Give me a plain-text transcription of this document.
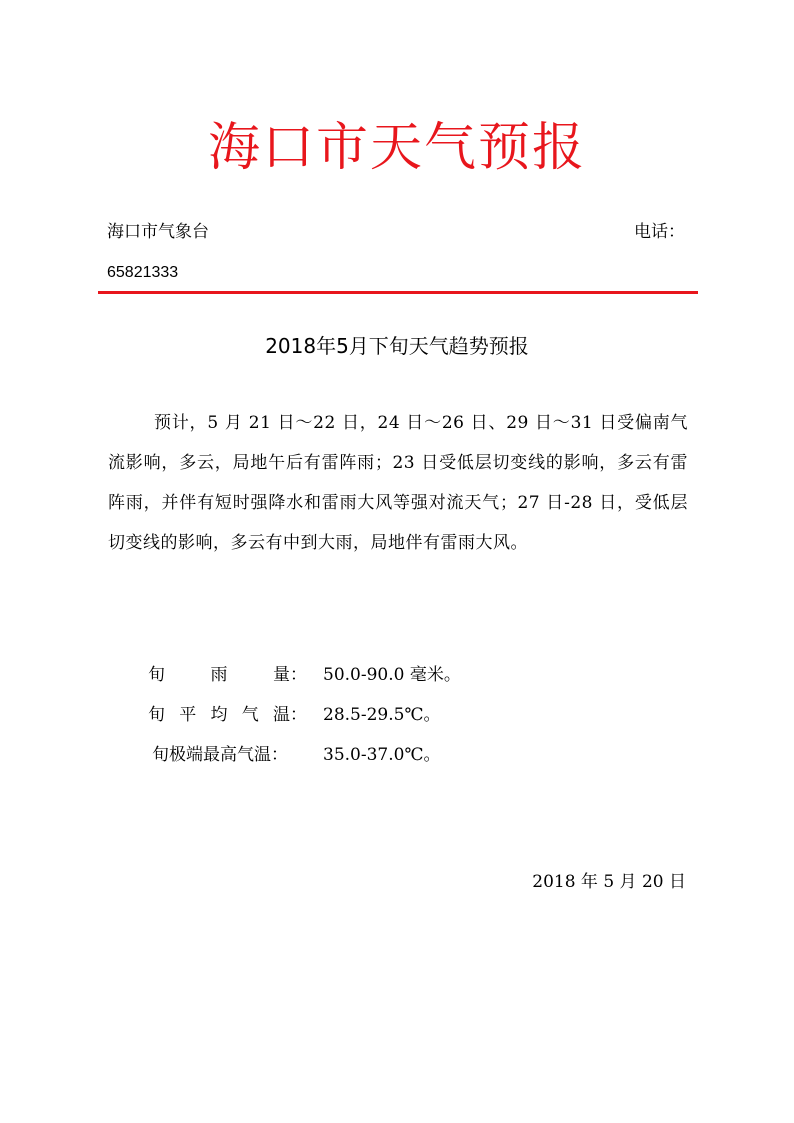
海口市天气预报
海口市气象台	电话：
65821333
2018年5月下旬天气趋势预报
预计，5 月 21 日～22 日，24 日～26 日、29 日～31 日受偏南气流影响，多云，局地午后有雷阵雨；23 日受低层切变线的影响，多云有雷阵雨，并伴有短时强降水和雷雨大风等强对流天气；27 日-28 日，受低层切变线的影响，多云有中到大雨，局地伴有雷雨大风。
旬	雨	量： 50.0-90.0 毫米。
旬 平 均 气 温： 28.5-29.5℃。
旬极端最高气温： 35.0-37.0℃。
2018 年 5 月 20 日
